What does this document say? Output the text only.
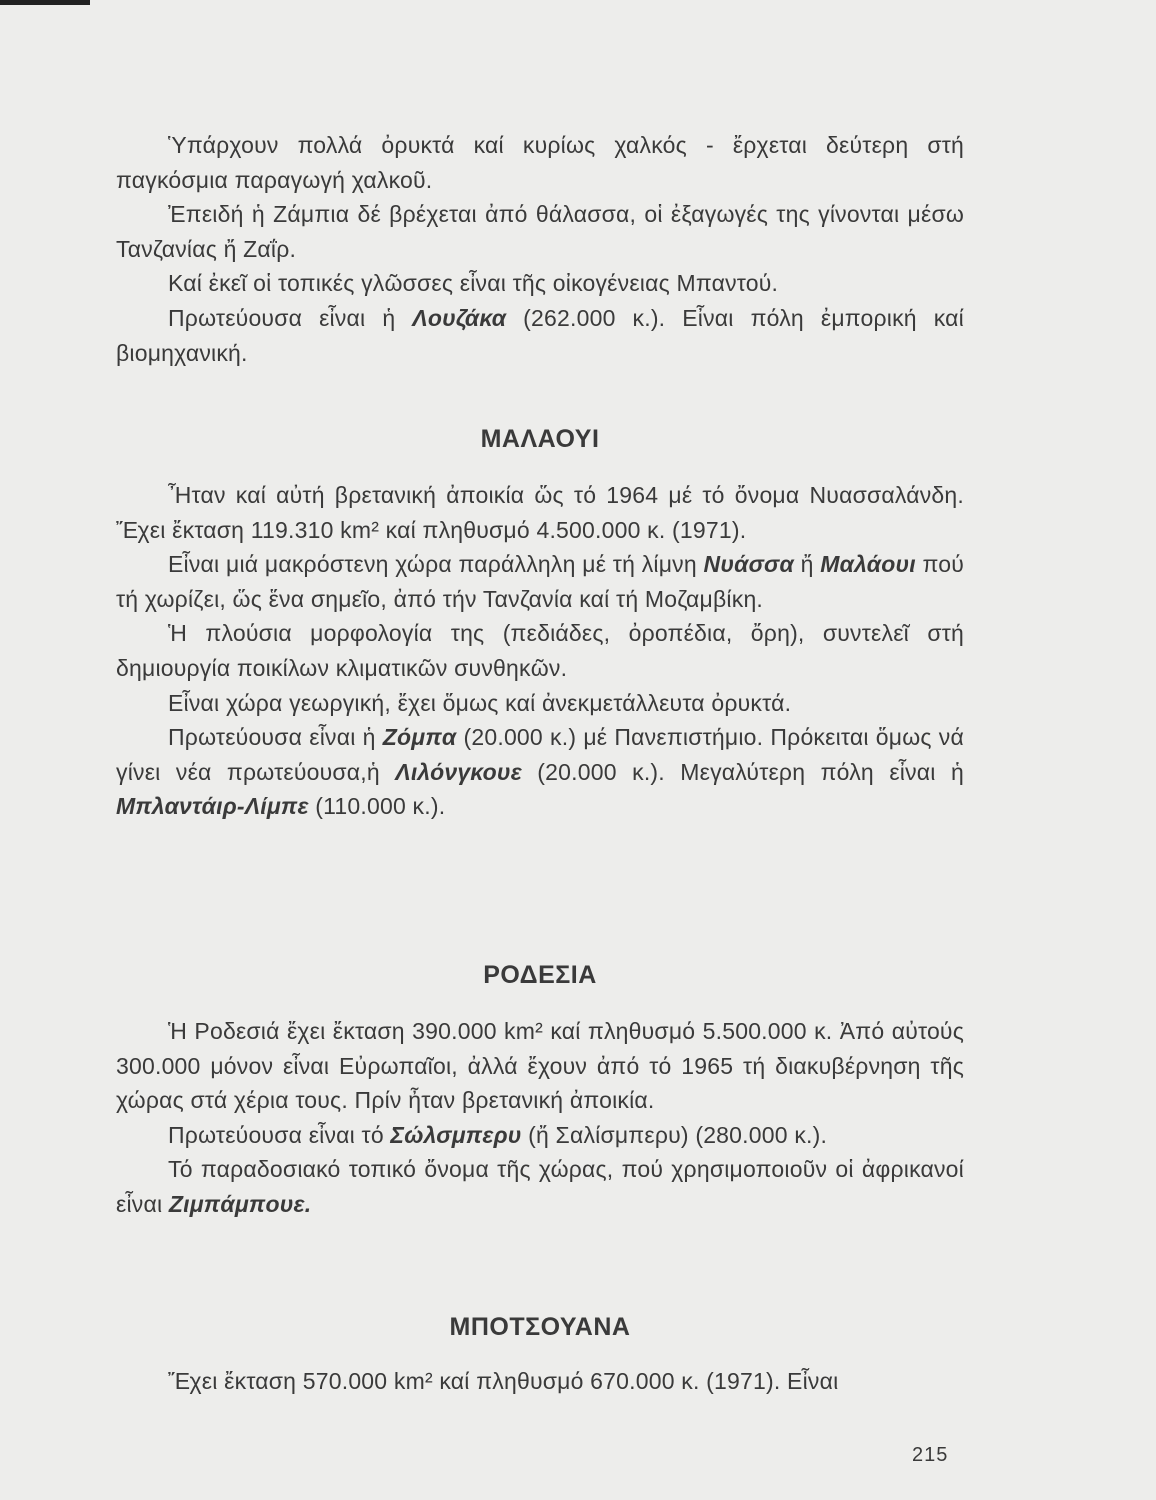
Ὑπάρχουν πολλά ὀρυκτά καί κυρίως χαλκός - ἔρχεται δεύτερη στή παγκόσμια παραγωγή χαλκοῦ.

Ἐπειδή ἡ Ζάμπια δέ βρέχεται ἀπό θάλασσα, οἱ ἐξαγωγές της γίνονται μέσω Τανζανίας ἤ Ζαΐρ.

Καί ἐκεῖ οἱ τοπικές γλῶσσες εἶναι τῆς οἰκογένειας Μπαντού.

Πρωτεύουσα εἶναι ἡ Λουζάκα (262.000 κ.). Εἶναι πόλη ἐμπορική καί βιομηχανική.

ΜΑΛΑΟΥΙ

Ἦταν καί αὐτή βρετανική ἀποικία ὥς τό 1964 μέ τό ὄνομα Νυασσαλάνδη. Ἔχει ἔκταση 119.310 km² καί πληθυσμό 4.500.000 κ. (1971).

Εἶναι μιά μακρόστενη χώρα παράλληλη μέ τή λίμνη Νυάσσα ἤ Μαλάουι πού τή χωρίζει, ὥς ἕνα σημεῖο, ἀπό τήν Τανζανία καί τή Μοζαμβίκη.

Ἡ πλούσια μορφολογία της (πεδιάδες, ὀροπέδια, ὄρη), συντελεῖ στή δημιουργία ποικίλων κλιματικῶν συνθηκῶν.

Εἶναι χώρα γεωργική, ἔχει ὅμως καί ἀνεκμετάλλευτα ὀρυκτά.

Πρωτεύουσα εἶναι ἡ Ζόμπα (20.000 κ.) μέ Πανεπιστήμιο. Πρόκειται ὅμως νά γίνει νέα πρωτεύουσα,ἡ Λιλόνγκουε (20.000 κ.). Μεγαλύτερη πόλη εἶναι ἡ Μπλαντάιρ-Λίμπε (110.000 κ.).

ΡΟΔΕΣΙΑ

Ἡ Ροδεσιά ἔχει ἔκταση 390.000 km² καί πληθυσμό 5.500.000 κ. Ἀπό αὐτούς 300.000 μόνον εἶναι Εὐρωπαῖοι, ἀλλά ἔχουν ἀπό τό 1965 τή διακυβέρνηση τῆς χώρας στά χέρια τους. Πρίν ἦταν βρετανική ἀποικία.

Πρωτεύουσα εἶναι τό Σώλσμπερυ (ἤ Σαλίσμπερυ) (280.000 κ.).

Τό παραδοσιακό τοπικό ὄνομα τῆς χώρας, πού χρησιμοποιοῦν οἱ ἀφρικανοί εἶναι Ζιμπάμπουε.

ΜΠΟΤΣΟΥΑΝΑ

Ἔχει ἔκταση 570.000 km² καί πληθυσμό 670.000 κ. (1971). Εἶναι

215
